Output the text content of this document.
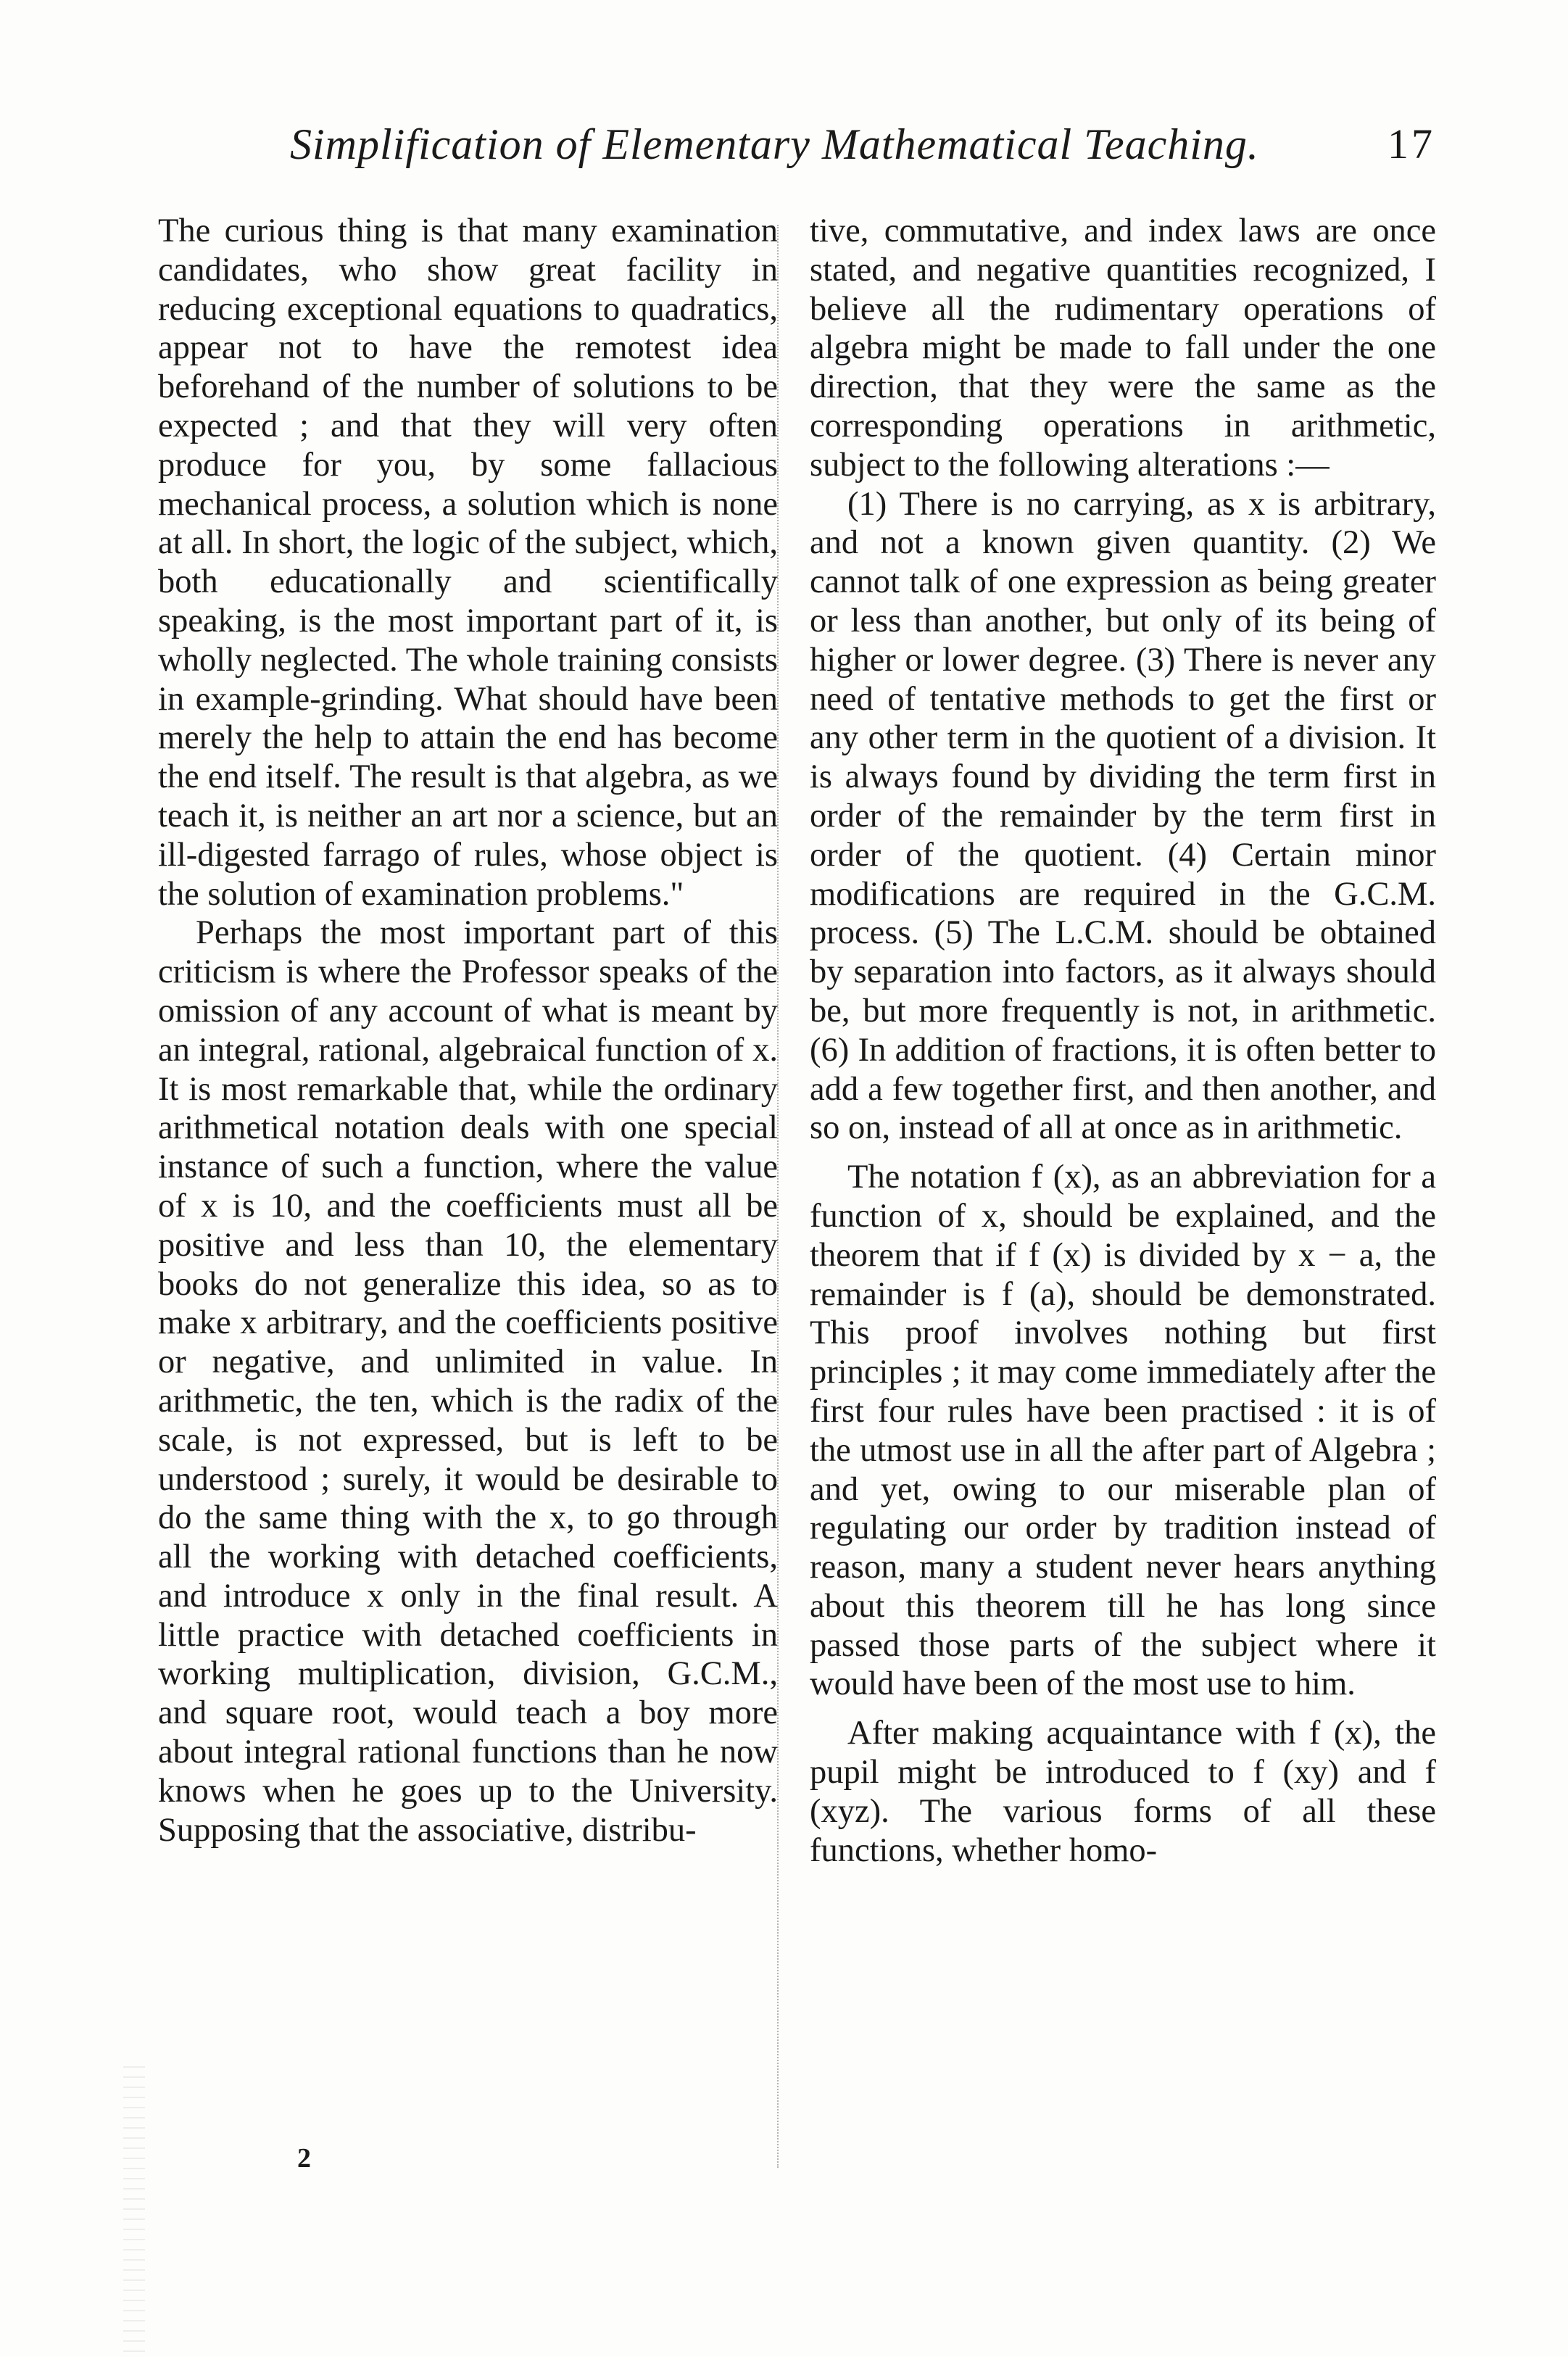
Simplification of Elementary Mathematical Teaching.	17

The curious thing is that many examination candidates, who show great facility in reducing exceptional equations to quadratics, appear not to have the remotest idea beforehand of the number of solutions to be expected ; and that they will very often produce for you, by some fallacious mechanical process, a solution which is none at all. In short, the logic of the subject, which, both educationally and scientifically speaking, is the most important part of it, is wholly neglected. The whole training consists in example-grinding. What should have been merely the help to attain the end has become the end itself. The result is that algebra, as we teach it, is neither an art nor a science, but an ill-digested farrago of rules, whose object is the solution of examination problems."

Perhaps the most important part of this criticism is where the Professor speaks of the omission of any account of what is meant by an integral, rational, algebraical function of x. It is most remarkable that, while the ordinary arithmetical notation deals with one special instance of such a function, where the value of x is 10, and the coefficients must all be positive and less than 10, the elementary books do not generalize this idea, so as to make x arbitrary, and the coefficients positive or negative, and unlimited in value. In arithmetic, the ten, which is the radix of the scale, is not expressed, but is left to be understood ; surely, it would be desirable to do the same thing with the x, to go through all the working with detached coefficients, and introduce x only in the final result. A little practice with detached coefficients in working multiplication, division, G.C.M., and square root, would teach a boy more about integral rational functions than he now knows when he goes up to the University. Supposing that the associative, distribu-

tive, commutative, and index laws are once stated, and negative quantities recognized, I believe all the rudimentary operations of algebra might be made to fall under the one direction, that they were the same as the corresponding operations in arithmetic, subject to the following alterations :—

(1) There is no carrying, as x is arbitrary, and not a known given quantity. (2) We cannot talk of one expression as being greater or less than another, but only of its being of higher or lower degree. (3) There is never any need of tentative methods to get the first or any other term in the quotient of a division. It is always found by dividing the term first in order of the remainder by the term first in order of the quotient. (4) Certain minor modifications are required in the G.C.M. process. (5) The L.C.M. should be obtained by separation into factors, as it always should be, but more frequently is not, in arithmetic. (6) In addition of fractions, it is often better to add a few together first, and then another, and so on, instead of all at once as in arithmetic.

The notation f (x), as an abbreviation for a function of x, should be explained, and the theorem that if f (x) is divided by x − a, the remainder is f (a), should be demonstrated. This proof involves nothing but first principles ; it may come immediately after the first four rules have been practised : it is of the utmost use in all the after part of Algebra ; and yet, owing to our miserable plan of regulating our order by tradition instead of reason, many a student never hears anything about this theorem till he has long since passed those parts of the subject where it would have been of the most use to him.

After making acquaintance with f (x), the pupil might be introduced to f (xy) and f (xyz). The various forms of all these functions, whether homo-

2
